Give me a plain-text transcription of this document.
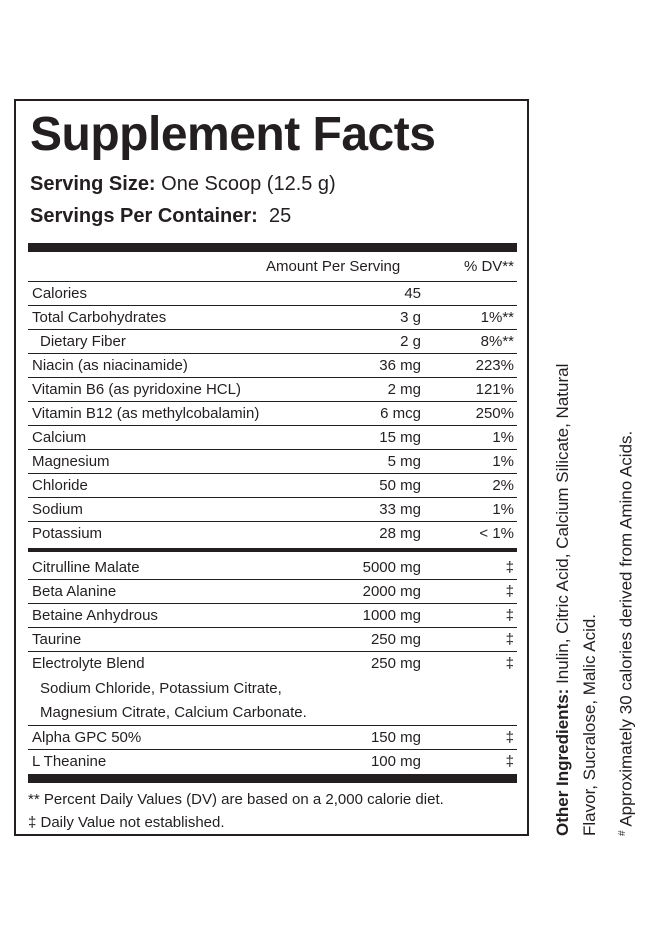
Supplement Facts
Serving Size: One Scoop (12.5 g)
Servings Per Container:  25
Amount Per Serving	% DV**
Calories	45
Total Carbohydrates	3 g	1%**
Dietary Fiber	2 g	8%**
Niacin (as niacinamide)	36 mg	223%
Vitamin B6 (as pyridoxine HCL)	2 mg	121%
Vitamin B12 (as methylcobalamin)	6 mcg	250%
Calcium	15 mg	1%
Magnesium	5 mg	1%
Chloride	50 mg	2%
Sodium	33 mg	1%
Potassium	28 mg	< 1%
Citrulline Malate	5000 mg	‡
Beta Alanine	2000 mg	‡
Betaine Anhydrous	1000 mg	‡
Taurine	250 mg	‡
Electrolyte Blend	250 mg	‡
Sodium Chloride, Potassium Citrate,
Magnesium Citrate, Calcium Carbonate.
Alpha GPC 50%	150 mg	‡
L Theanine	100 mg	‡
** Percent Daily Values (DV) are based on a 2,000 calorie diet.
‡ Daily Value not established.	Other Ingredients: Inulin, Citric Acid, Calcium Silicate, Natural
Flavor, Sucralose, Malic Acid.	# Approximately 30 calories derived from Amino Acids.
